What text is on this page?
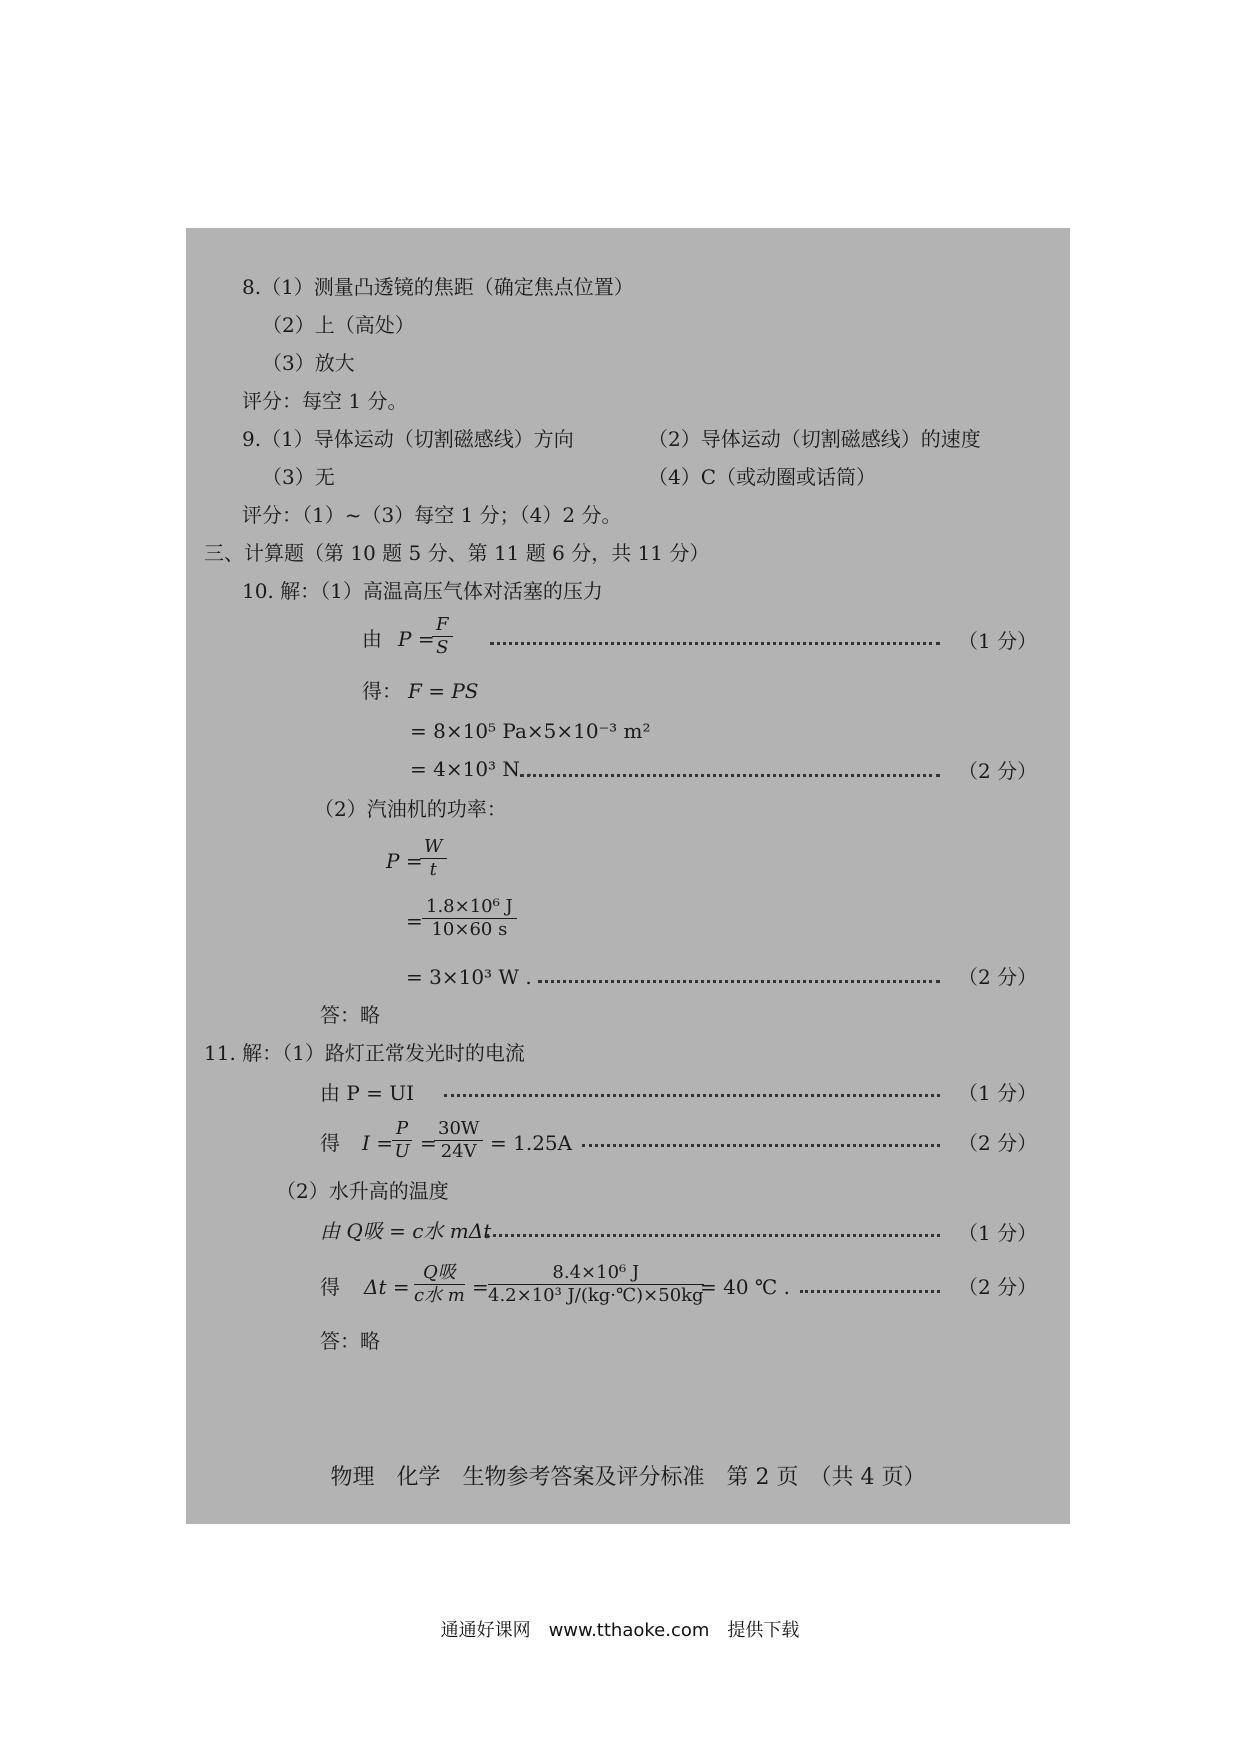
8.（1）测量凸透镜的焦距（确定焦点位置）
（2）上（高处）
（3）放大
评分：每空 1 分。
9.（1）导体运动（切割磁感线）方向	（2）导体运动（切割磁感线）的速度
（3）无	（4）C（或动圈或话筒）
评分：（1）~（3）每空 1 分；（4）2 分。
三、计算题（第 10 题 5 分、第 11 题 6 分，共 11 分）
10. 解：（1）高温高压气体对活塞的压力
由 P =
$\frac{F}{S}$	（1 分）
得： F = PS
= 8×10⁵ Pa×5×10⁻³ m²
= 4×10³ N .	（2 分）
（2）汽油机的功率：
P =
$\frac{W}{t}$
= $\frac{\text{1.8×10⁶ J}}{10\times 60 s}$
= 3×10³ W .	（2 分）
答：略
11. 解：（1）路灯正常发光时的电流
由 P = UI	（1 分）
得 I =
$\frac{P}{U}$ =
$\frac{30W}{24V} = 1.25A$	（2 分）
（2）水升高的温度
由 Q吸 = c水 mΔt	（1 分）
得 Δt =
Q吸
c水 $m = \frac{\text{8.4×10⁶ J}}{\text{4.2×10³ J/(kg·℃)×50kg}}$
= 40 ℃ .	（2 分）
答：略
物理　化学　生物参考答案及评分标准　第 2 页　（共 4 页）
通通好课网　www.tthaoke.com　提供下载
